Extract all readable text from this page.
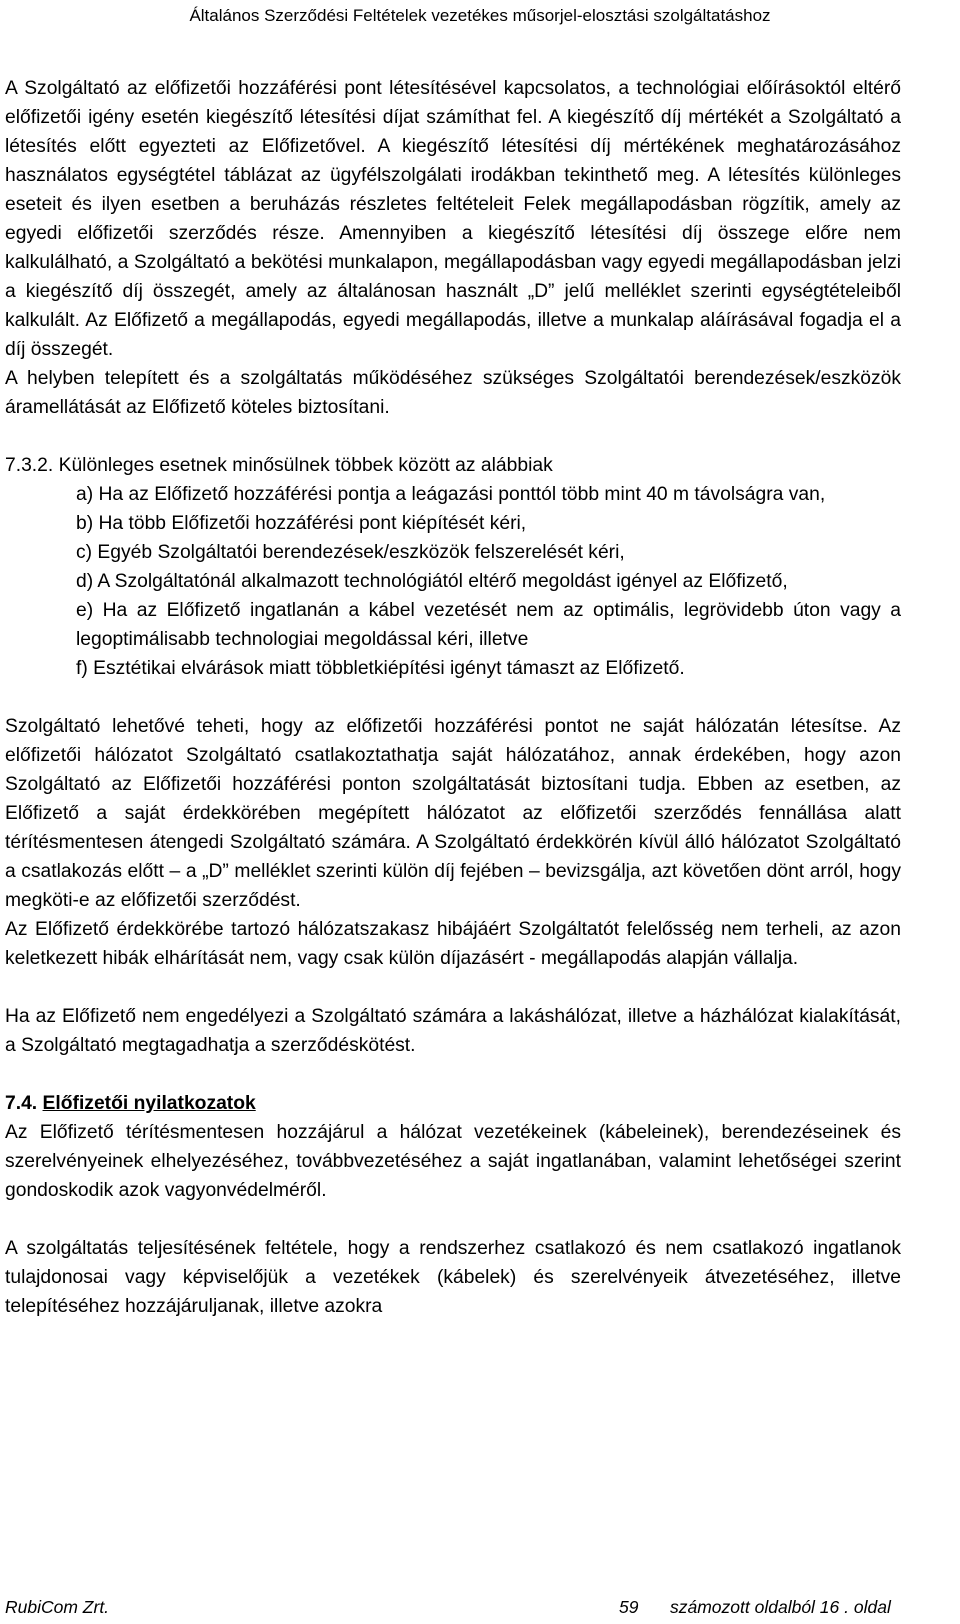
Általános Szerződési Feltételek vezetékes műsorjel-elosztási szolgáltatáshoz

A Szolgáltató az előfizetői hozzáférési pont létesítésével kapcsolatos, a technológiai előírásoktól eltérő előfizetői igény esetén kiegészítő létesítési díjat számíthat fel. A kiegészítő díj mértékét a Szolgáltató a létesítés előtt egyezteti az Előfizetővel. A kiegészítő létesítési díj mértékének meghatározásához használatos egységtétel táblázat az ügyfélszolgálati irodákban tekinthető meg. A létesítés különleges eseteit és ilyen esetben a beruházás részletes feltételeit Felek megállapodásban rögzítik, amely az egyedi előfizetői szerződés része. Amennyiben a kiegészítő létesítési díj összege előre nem kalkulálható, a Szolgáltató a bekötési munkalapon, megállapodásban vagy egyedi megállapodásban jelzi a kiegészítő díj összegét, amely az általánosan használt „D” jelű melléklet szerinti egységtételeiből kalkulált. Az Előfizető a megállapodás, egyedi megállapodás, illetve a munkalap aláírásával fogadja el a díj összegét.

A helyben telepített és a szolgáltatás működéséhez szükséges Szolgáltatói berendezések/eszközök áramellátását az Előfizető köteles biztosítani.

7.3.2. Különleges esetnek minősülnek többek között az alábbiak

a) Ha az Előfizető hozzáférési pontja a leágazási ponttól több mint 40 m távolságra van,

b) Ha több Előfizetői hozzáférési pont kiépítését kéri,

c) Egyéb Szolgáltatói berendezések/eszközök felszerelését kéri,

d) A Szolgáltatónál alkalmazott technológiától eltérő megoldást igényel az Előfizető,

e) Ha az Előfizető ingatlanán a kábel vezetését nem az optimális, legrövidebb úton vagy a legoptimálisabb technologiai megoldással kéri, illetve

f) Esztétikai elvárások miatt többletkiépítési igényt támaszt az Előfizető.

Szolgáltató lehetővé teheti, hogy az előfizetői hozzáférési pontot ne saját hálózatán létesítse. Az előfizetői hálózatot Szolgáltató csatlakoztathatja saját hálózatához, annak érdekében, hogy azon Szolgáltató az Előfizetői hozzáférési ponton szolgáltatását biztosítani tudja. Ebben az esetben, az Előfizető a saját érdekkörében megépített hálózatot az előfizetői szerződés fennállása alatt térítésmentesen átengedi Szolgáltató számára. A Szolgáltató érdekkörén kívül álló hálózatot Szolgáltató a csatlakozás előtt – a „D” melléklet szerinti külön díj fejében – bevizsgálja, azt követően dönt arról, hogy megköti-e az előfizetői szerződést.

Az Előfizető érdekkörébe tartozó hálózatszakasz hibájáért Szolgáltatót felelősség nem terheli, az azon keletkezett hibák elhárítását nem, vagy csak külön díjazásért - megállapodás alapján vállalja.

Ha az Előfizető nem engedélyezi a Szolgáltató számára a lakáshálózat, illetve a házhálózat kialakítását, a Szolgáltató megtagadhatja a szerződéskötést.

7.4. Előfizetői nyilatkozatok

Az Előfizető térítésmentesen hozzájárul a hálózat vezetékeinek (kábeleinek), berendezéseinek és szerelvényeinek elhelyezéséhez, továbbvezetéséhez a saját ingatlanában, valamint lehetőségei szerint gondoskodik azok vagyonvédelméről.

A szolgáltatás teljesítésének feltétele, hogy a rendszerhez csatlakozó és nem csatlakozó ingatlanok tulajdonosai vagy képviselőjük a vezetékek (kábelek) és szerelvényeik átvezetéséhez, illetve telepítéséhez hozzájáruljanak, illetve azokra

RubiCom Zrt.	59 számozott oldalból 16 . oldal
